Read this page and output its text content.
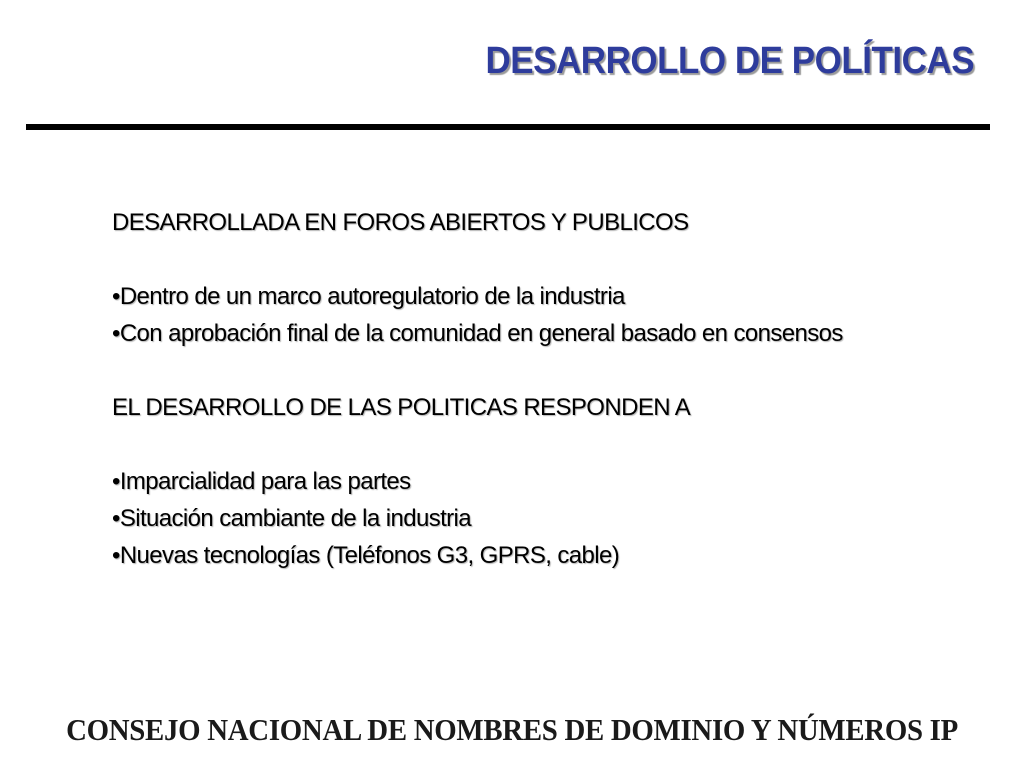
DESARROLLO DE POLÍTICAS
DESARROLLADA EN FOROS ABIERTOS Y PUBLICOS
• Dentro de un marco autoregulatorio de la industria
• Con aprobación final de la comunidad en general basado en consensos
EL DESARROLLO DE LAS POLITICAS RESPONDEN A
• Imparcialidad para las partes
• Situación cambiante de la industria
• Nuevas tecnologías (Teléfonos G3, GPRS, cable)
CONSEJO NACIONAL DE NOMBRES DE DOMINIO Y NÚMEROS IP
